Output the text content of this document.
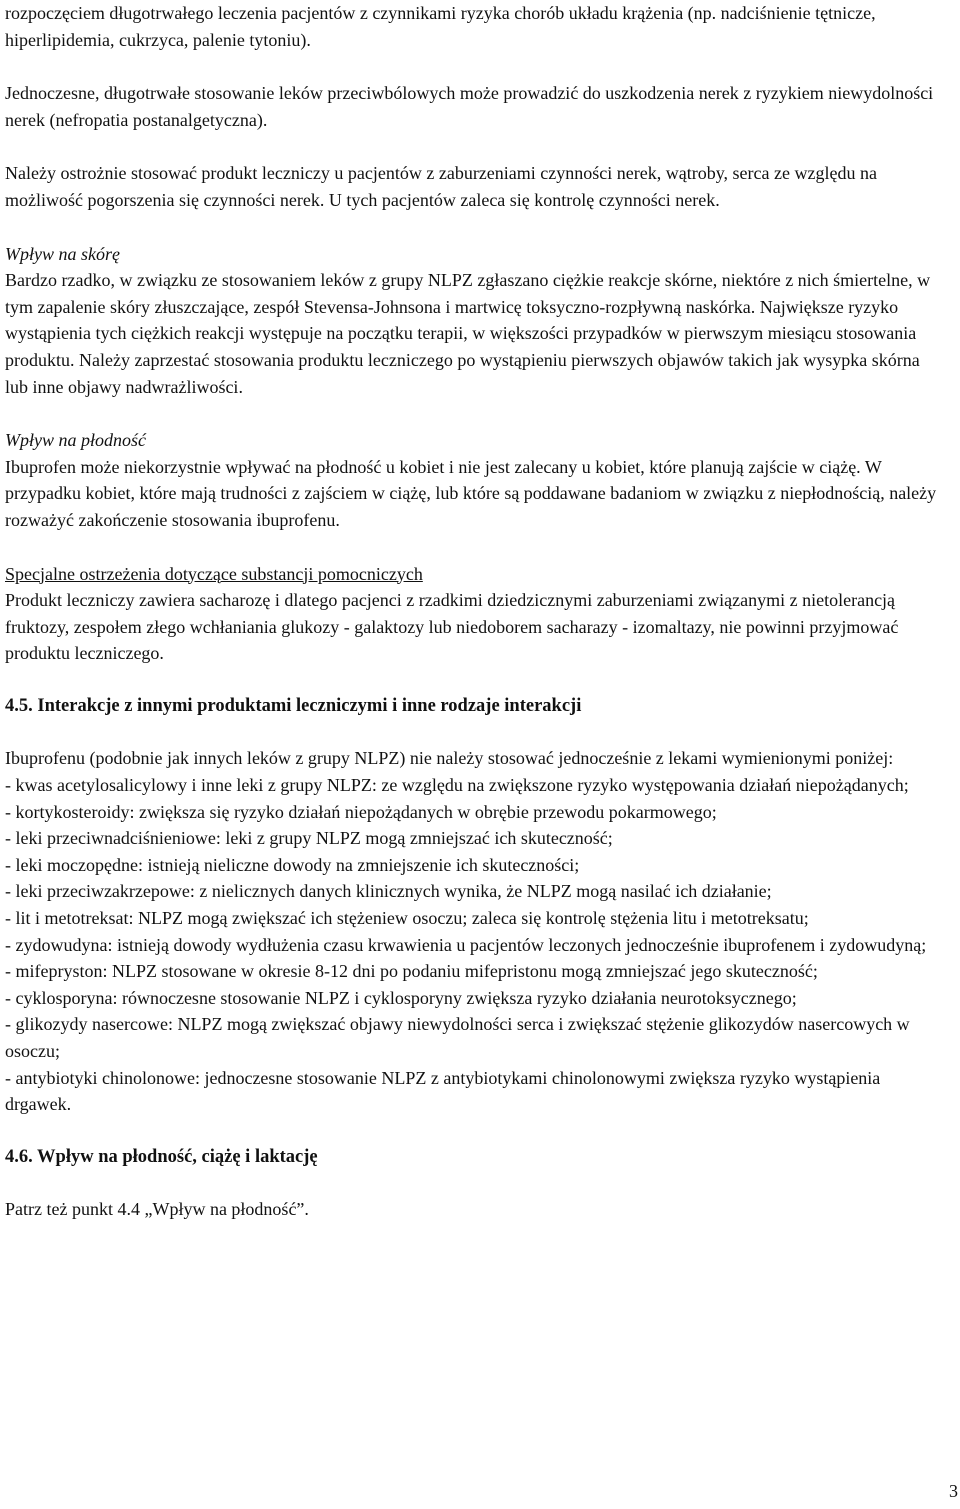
rozpoczęciem długotrwałego leczenia pacjentów z czynnikami ryzyka chorób układu krążenia (np. nadciśnienie tętnicze, hiperlipidemia, cukrzyca, palenie tytoniu).

Jednoczesne, długotrwałe stosowanie leków przeciwbólowych może prowadzić do uszkodzenia nerek z ryzykiem niewydolności nerek (nefropatia postanalgetyczna).

Należy ostrożnie stosować produkt leczniczy u pacjentów z zaburzeniami czynności nerek, wątroby, serca ze względu na możliwość pogorszenia się czynności nerek. U tych pacjentów zaleca się kontrolę czynności nerek.

Wpływ na skórę

Bardzo rzadko, w związku ze stosowaniem leków z grupy NLPZ zgłaszano ciężkie reakcje skórne, niektóre z nich śmiertelne, w tym zapalenie skóry złuszczające, zespół Stevensa-Johnsona i martwicę toksyczno-rozpływną naskórka. Największe ryzyko wystąpienia tych ciężkich reakcji występuje na początku terapii, w większości przypadków w pierwszym miesiącu stosowania produktu. Należy zaprzestać stosowania produktu leczniczego po wystąpieniu pierwszych objawów takich jak wysypka skórna lub inne objawy nadwrażliwości.

Wpływ na płodność

Ibuprofen może niekorzystnie wpływać na płodność u kobiet i nie jest zalecany u kobiet, które planują zajście w ciążę. W przypadku kobiet, które mają trudności z zajściem w ciążę, lub które są poddawane badaniom w związku z niepłodnością, należy rozważyć zakończenie stosowania ibuprofenu.

Specjalne ostrzeżenia dotyczące substancji pomocniczych

Produkt leczniczy zawiera sacharozę i dlatego pacjenci z rzadkimi dziedzicznymi zaburzeniami związanymi z nietolerancją fruktozy, zespołem złego wchłaniania glukozy - galaktozy lub niedoborem sacharazy - izomaltazy, nie powinni przyjmować produktu leczniczego.

4.5. Interakcje z innymi produktami leczniczymi i inne rodzaje interakcji

Ibuprofenu (podobnie jak innych leków z grupy NLPZ) nie należy stosować jednocześnie z lekami wymienionymi poniżej:

- kwas acetylosalicylowy i inne leki z grupy NLPZ: ze względu na zwiększone ryzyko występowania działań niepożądanych;

- kortykosteroidy: zwiększa się ryzyko działań niepożądanych w obrębie przewodu pokarmowego;

- leki przeciwnadciśnieniowe: leki z grupy NLPZ mogą zmniejszać ich skuteczność;

- leki moczopędne: istnieją nieliczne dowody na zmniejszenie ich skuteczności;

- leki przeciwzakrzepowe: z nielicznych danych klinicznych wynika, że NLPZ mogą nasilać ich działanie;

- lit i metotreksat: NLPZ mogą zwiększać ich stężeniew osoczu; zaleca się kontrolę stężenia litu i metotreksatu;

- zydowudyna: istnieją dowody wydłużenia czasu krwawienia u pacjentów leczonych jednocześnie ibuprofenem i zydowudyną;

- mifepryston: NLPZ stosowane w okresie 8-12 dni po podaniu mifepristonu mogą zmniejszać jego skuteczność;

- cyklosporyna: równoczesne stosowanie NLPZ i cyklosporyny zwiększa ryzyko działania neurotoksycznego;

- glikozydy nasercowe: NLPZ mogą zwiększać objawy niewydolności serca i zwiększać stężenie glikozydów nasercowych w osoczu;

- antybiotyki chinolonowe: jednoczesne stosowanie NLPZ z antybiotykami chinolonowymi zwiększa ryzyko wystąpienia drgawek.

4.6. Wpływ na płodność, ciążę i laktację

Patrz też punkt 4.4 „Wpływ na płodność”.

3
